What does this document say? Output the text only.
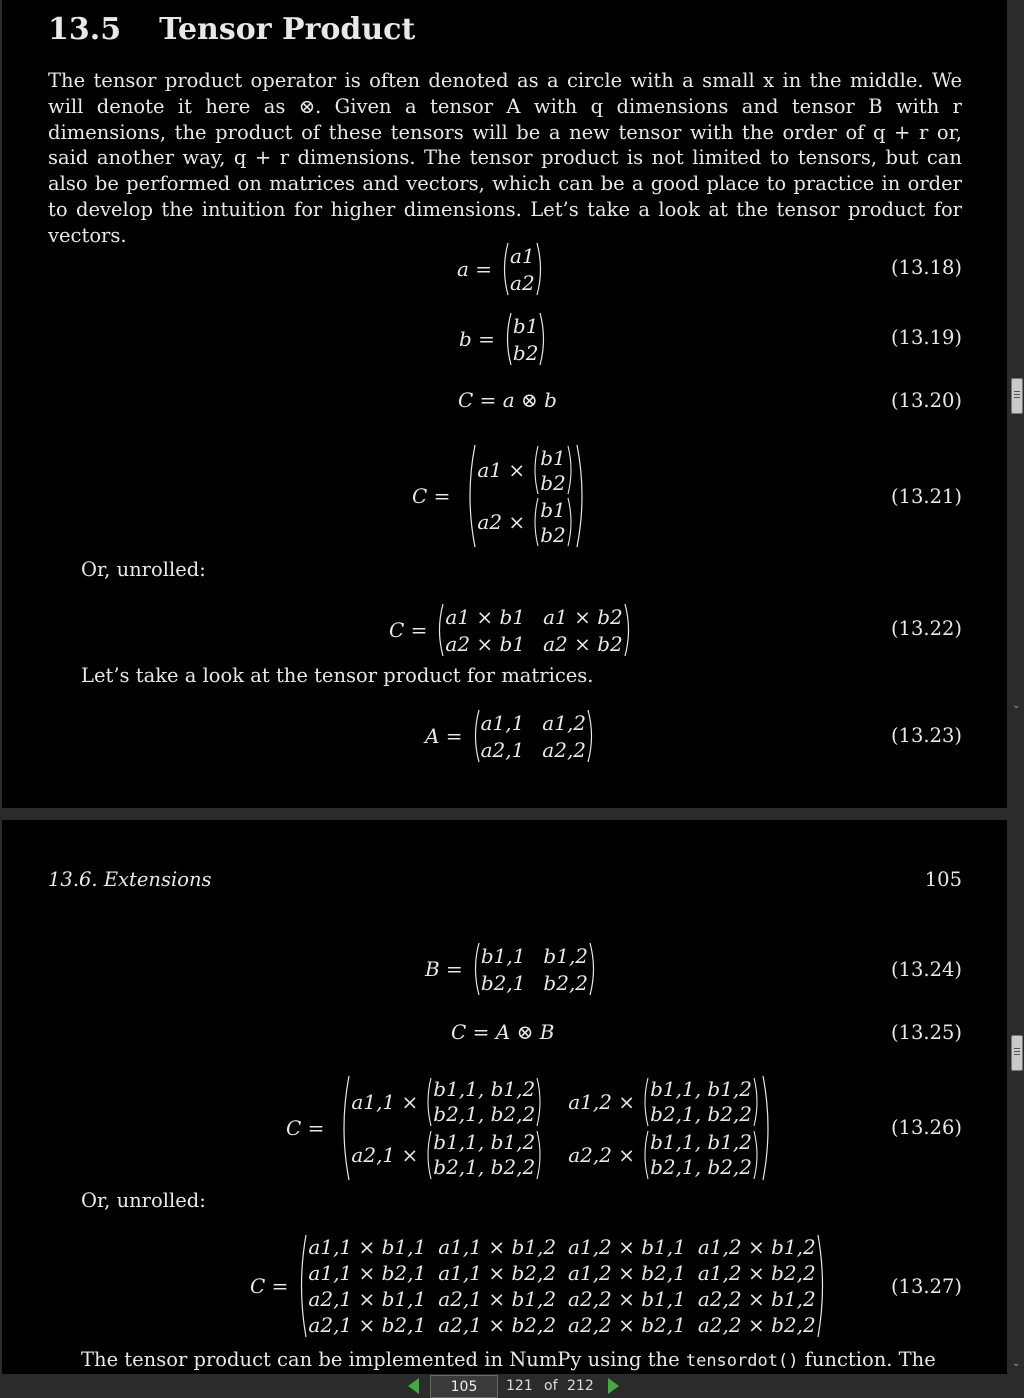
13.5 Tensor Product
The tensor product operator is often denoted as a circle with a small x in the middle. We will denote it here as ⊗. Given a tensor A with q dimensions and tensor B with r dimensions, the product of these tensors will be a new tensor with the order of q + r or, said another way, q + r dimensions. The tensor product is not limited to tensors, but can also be performed on matrices and vectors, which can be a good place to practice in order to develop the intuition for higher dimensions. Let’s take a look at the tensor product for vectors.
a =
a1
a2
(13.18)
b =
b1
b2
(13.19)
C = a ⊗ b	(13.20)
C =
a1 ×
b1
b2
a2 ×
b1
b2
(13.21)
Or, unrolled:
C =
a1 × b1 a1 × b2
a2 × b1 a2 × b2
(13.22)
Let’s take a look at the tensor product for matrices.
A =
a1,1 a1,2
a2,1 a2,2
(13.23)
13.6. Extensions	105
B =
b1,1 b1,2
b2,1 b2,2
(13.24)
C = A ⊗ B	(13.25)
C =
a1,1 ×
b1,1, b1,2
b2,1, b2,2
a1,2 ×
b1,1, b1,2
b2,1, b2,2
a2,1 ×
b1,1, b1,2
b2,1, b2,2
a2,2 ×
b1,1, b1,2
b2,1, b2,2
(13.26)
Or, unrolled:
C =
a1,1 × b1,1 a1,1 × b1,2 a1,2 × b1,1 a1,2 × b1,2
a1,1 × b2,1 a1,1 × b2,2 a1,2 × b2,1 a1,2 × b2,2
a2,1 × b1,1 a2,1 × b1,2 a2,2 × b1,1 a2,2 × b1,2
a2,1 × b2,1 a2,1 × b2,2 a2,2 × b2,1 a2,2 × b2,2
(13.27)
The tensor product can be implemented in NumPy using the tensordot() function. The
⌄
⌄
105
121 of 212
